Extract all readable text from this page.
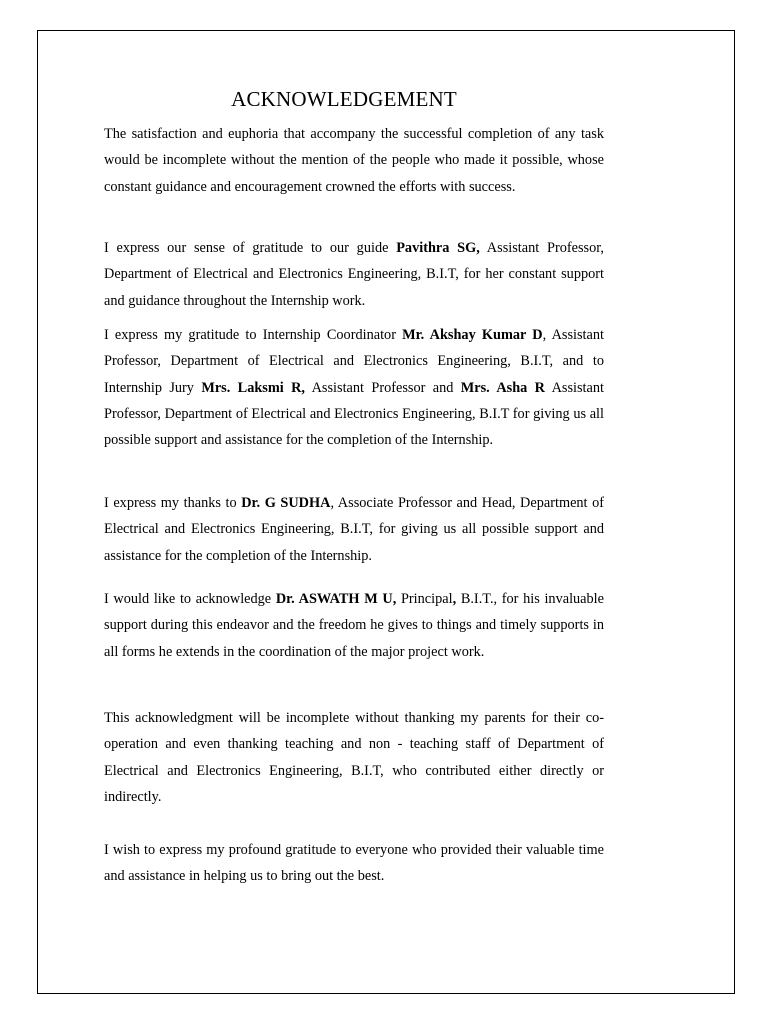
ACKNOWLEDGEMENT

The satisfaction and euphoria that accompany the successful completion of any task would be incomplete without the mention of the people who made it possible, whose constant guidance and encouragement crowned the efforts with success.

I express our sense of gratitude to our guide Pavithra SG, Assistant Professor, Department of Electrical and Electronics Engineering, B.I.T, for her constant support and guidance throughout the Internship work.

I express my gratitude to Internship Coordinator Mr. Akshay Kumar D, Assistant Professor, Department of Electrical and Electronics Engineering, B.I.T, and to Internship Jury Mrs. Laksmi R, Assistant Professor and Mrs. Asha R Assistant Professor, Department of Electrical and Electronics Engineering, B.I.T for giving us all possible support and assistance for the completion of the Internship.

I express my thanks to Dr. G SUDHA, Associate Professor and Head, Department of Electrical and Electronics Engineering, B.I.T, for giving us all possible support and assistance for the completion of the Internship.

I would like to acknowledge Dr. ASWATH M U, Principal, B.I.T., for his invaluable support during this endeavor and the freedom he gives to things and timely supports in all forms he extends in the coordination of the major project work.

This acknowledgment will be incomplete without thanking my parents for their co-operation and even thanking teaching and non - teaching staff of Department of Electrical and Electronics Engineering, B.I.T, who contributed either directly or indirectly.

I wish to express my profound gratitude to everyone who provided their valuable time and assistance in helping us to bring out the best.
